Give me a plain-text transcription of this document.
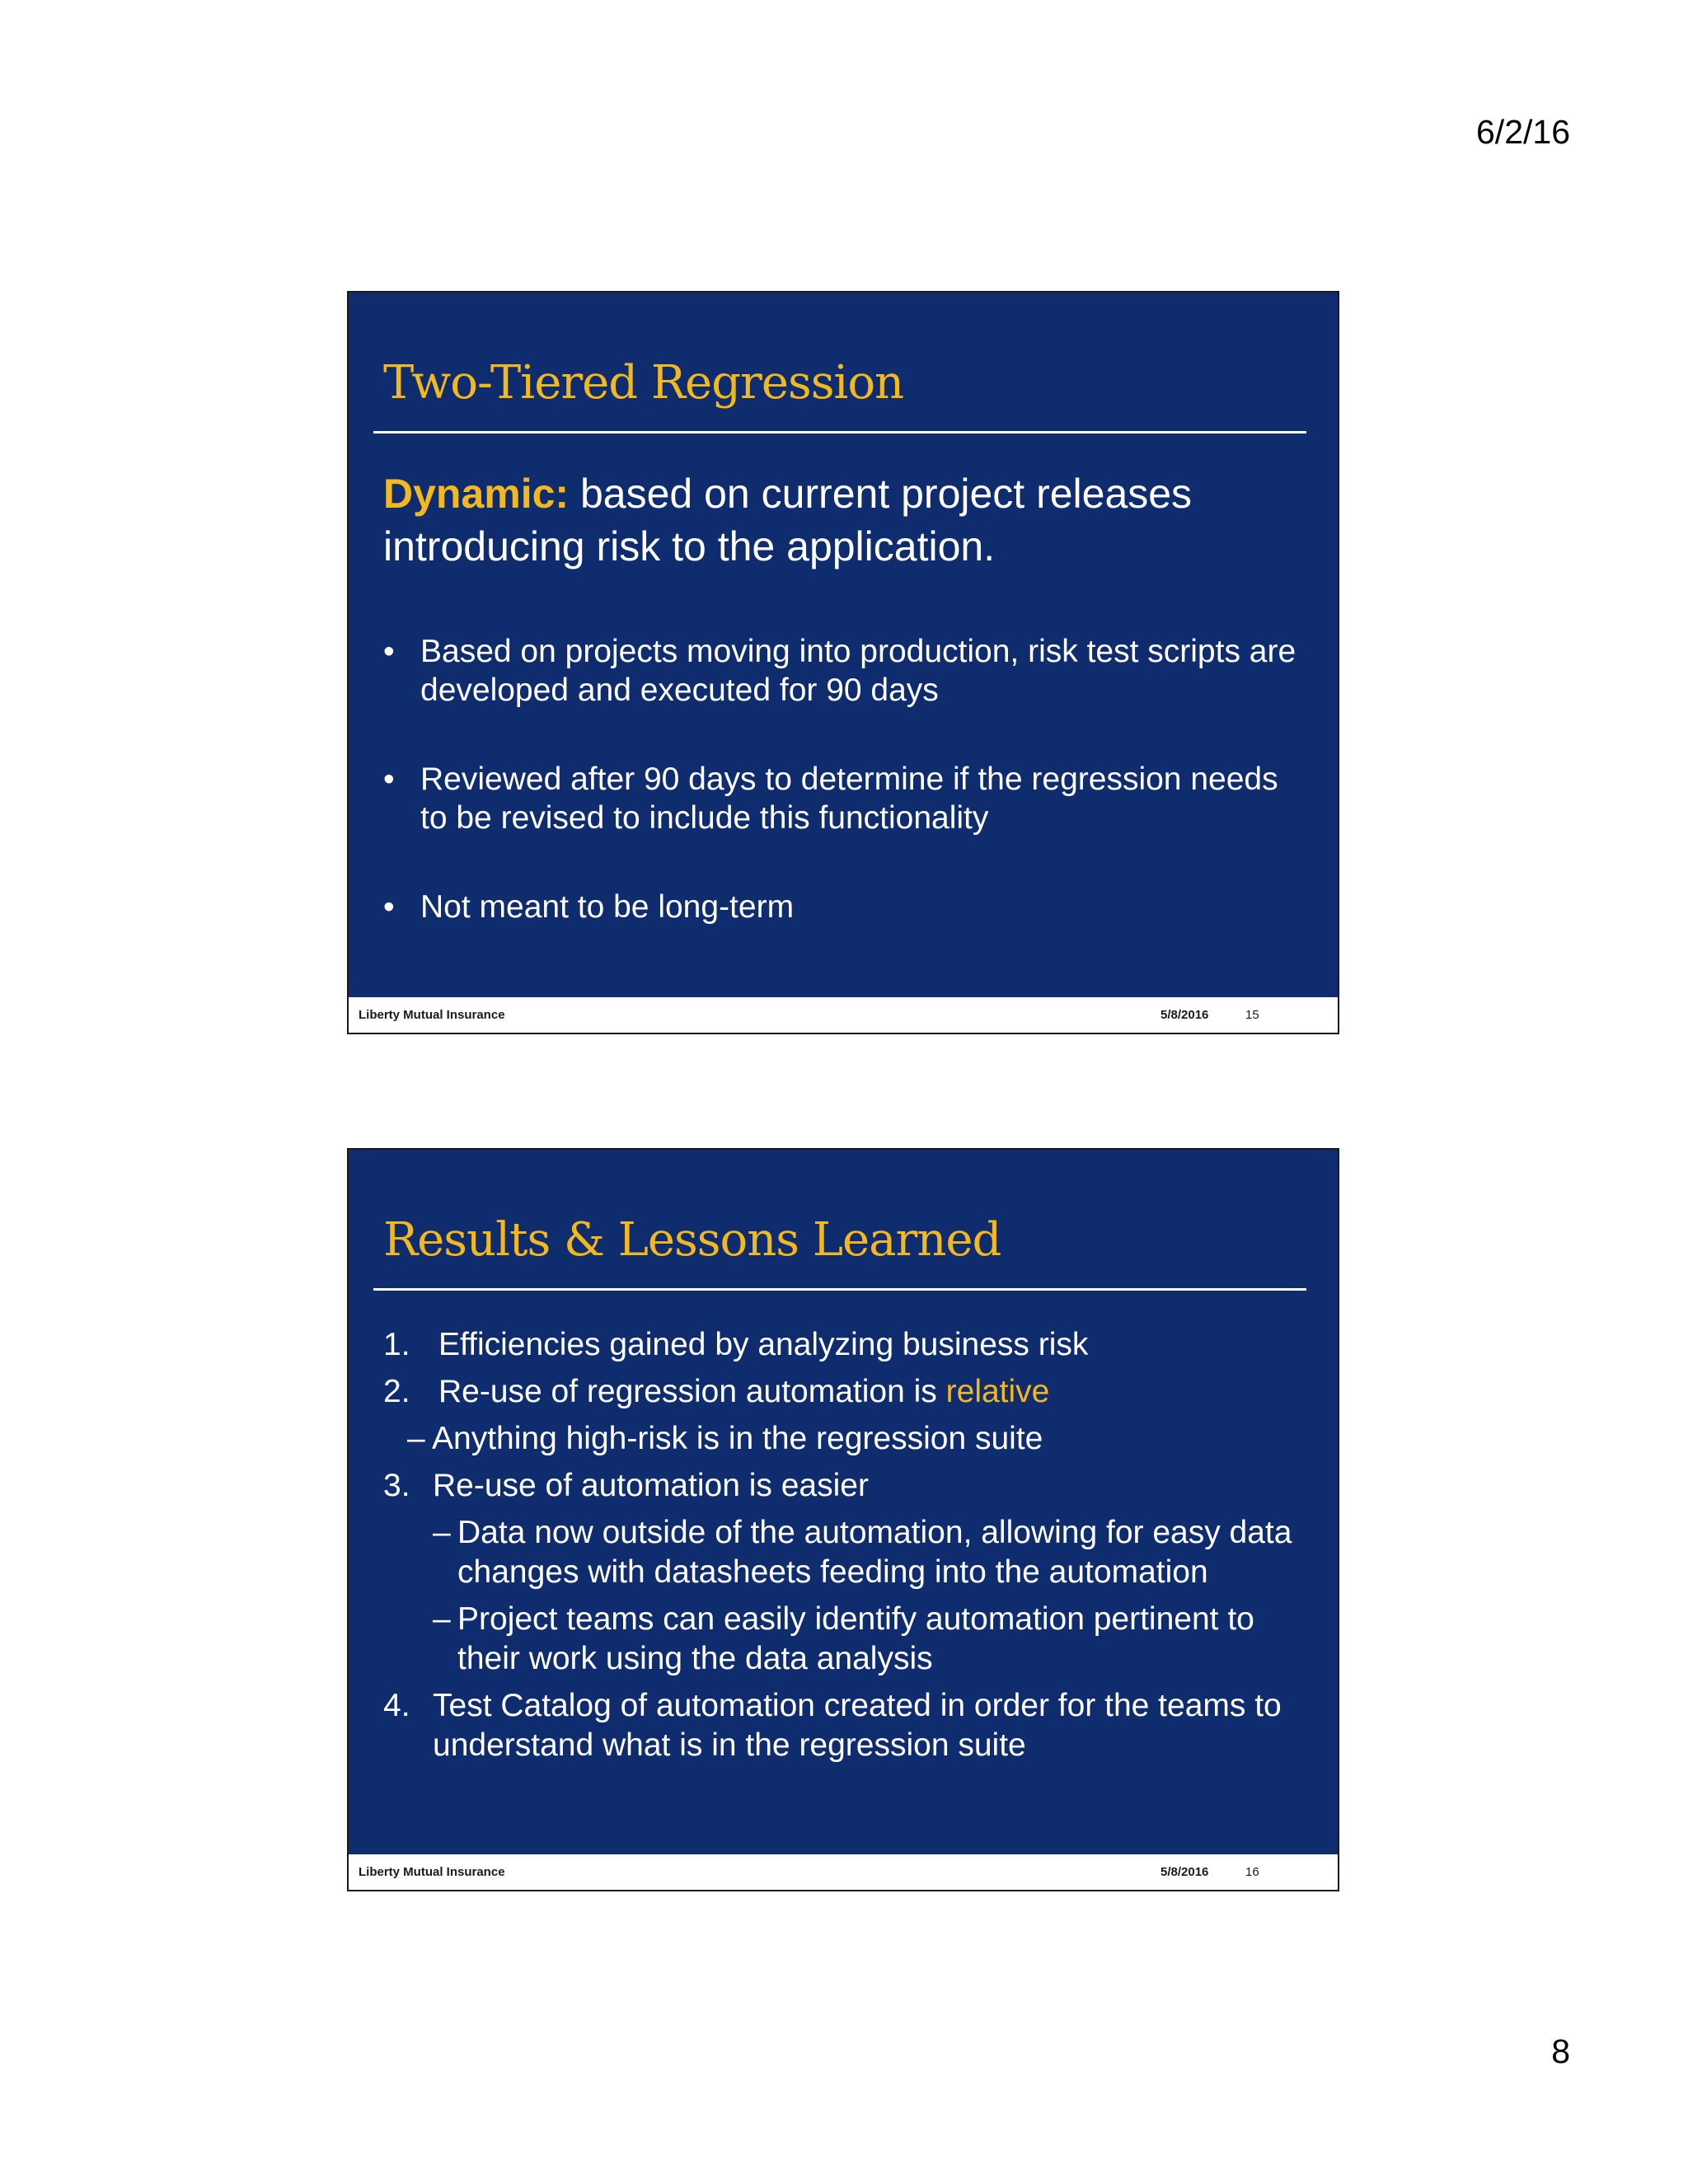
6/2/16

Two-Tiered Regression

Dynamic: based on current project releases introducing risk to the application.

• Based on projects moving into production, risk test scripts are developed and executed for 90 days
• Reviewed after 90 days to determine if the regression needs to be revised to include this functionality
• Not meant to be long-term
Liberty Mutual Insurance	5/8/2016	15
Results & Lessons Learned
1. Efficiencies gained by analyzing business risk
2. Re-use of regression automation is relative
– Anything high-risk is in the regression suite
3. Re-use of automation is easier
– Data now outside of the automation, allowing for easy data changes with datasheets feeding into the automation
– Project teams can easily identify automation pertinent to their work using the data analysis
4. Test Catalog of automation created in order for the teams to understand what is in the regression suite
Liberty Mutual Insurance	5/8/2016	16

8
